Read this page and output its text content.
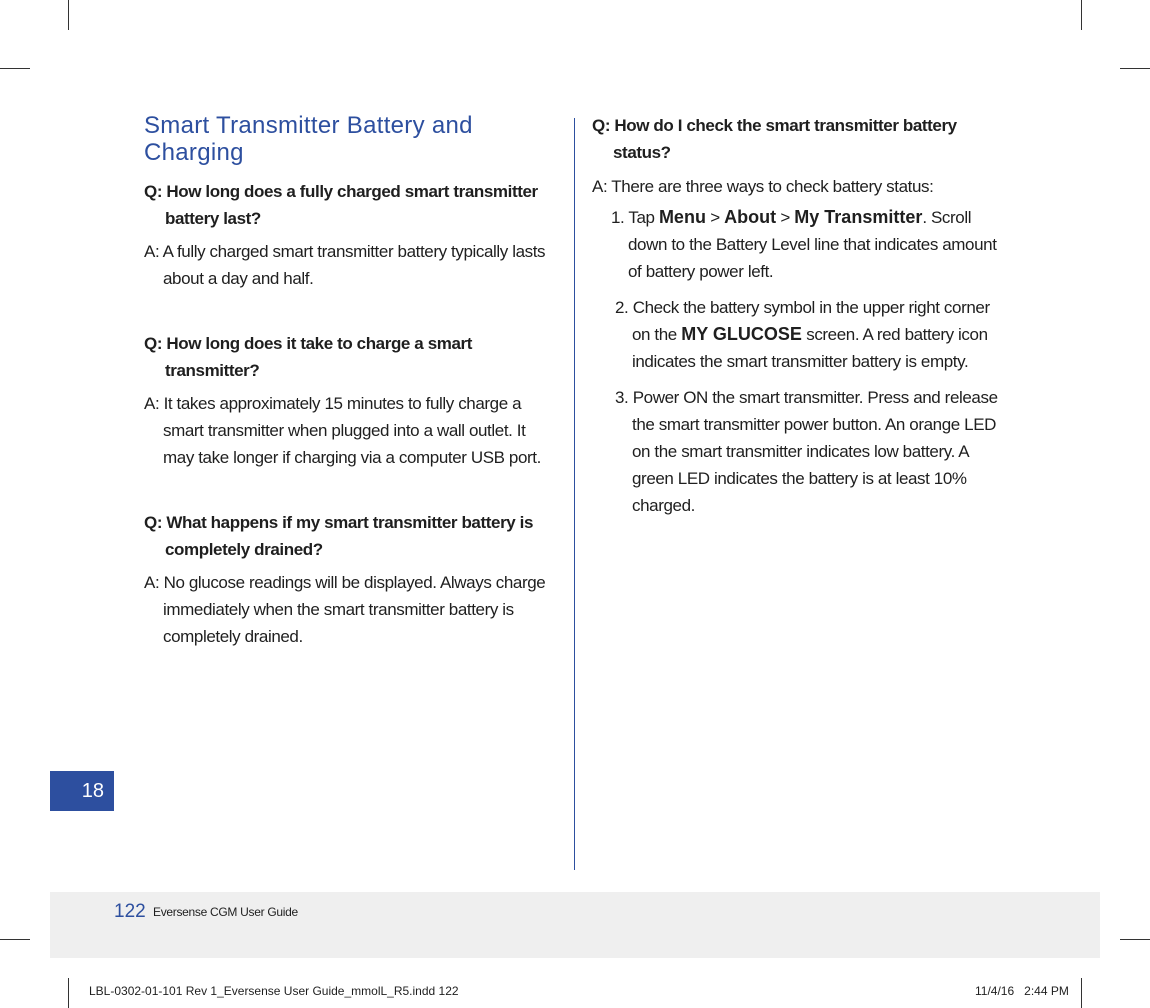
Smart Transmitter Battery and Charging

Q: How long does a fully charged smart transmitter battery last?

A: A fully charged smart transmitter battery typically lasts about a day and half.

Q: How long does it take to charge a smart transmitter?

A: It takes approximately 15 minutes to fully charge a smart transmitter when plugged into a wall outlet. It may take longer if charging via a computer USB port.

Q: What happens if my smart transmitter battery is completely drained?

A: No glucose readings will be displayed. Always charge immediately when the smart transmitter battery is completely drained.

Q: How do I check the smart transmitter battery status?

A: There are three ways to check battery status:

1. Tap Menu > About > My Transmitter. Scroll down to the Battery Level line that indicates amount of battery power left.
2. Check the battery symbol in the upper right corner on the MY GLUCOSE screen. A red battery icon indicates the smart transmitter battery is empty.
3. Power ON the smart transmitter. Press and release the smart transmitter power button. An orange LED on the smart transmitter indicates low battery. A green LED indicates the battery is at least 10% charged.
18
122 Eversense CGM User Guide
LBL-0302-01-101 Rev 1_Eversense User Guide_mmolL_R5.indd 122	11/4/16   2:44 PM
